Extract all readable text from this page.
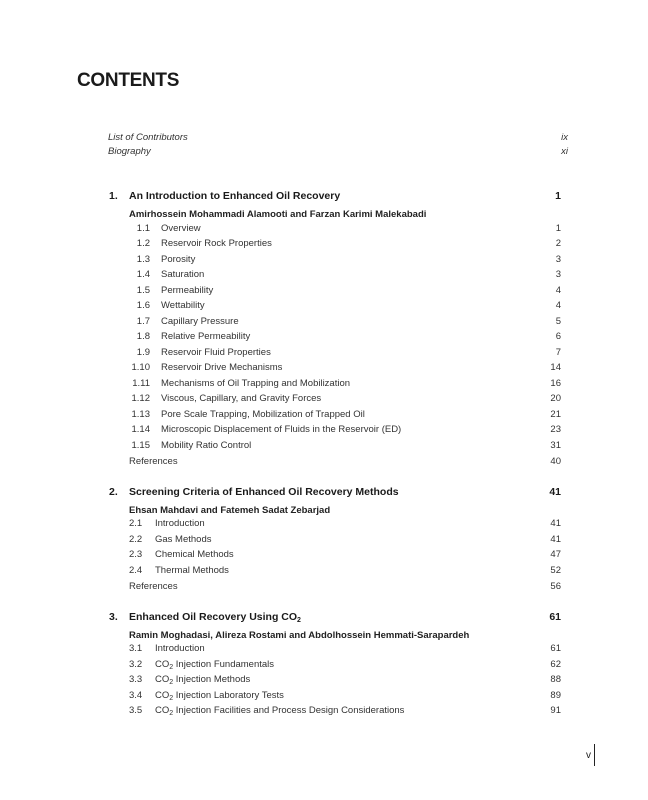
CONTENTS
List of Contributors	ix
Biography	xi
1. An Introduction to Enhanced Oil Recovery	1
Amirhossein Mohammadi Alamooti and Farzan Karimi Malekabadi
1.1 Overview	1
1.2 Reservoir Rock Properties	2
1.3 Porosity	3
1.4 Saturation	3
1.5 Permeability	4
1.6 Wettability	4
1.7 Capillary Pressure	5
1.8 Relative Permeability	6
1.9 Reservoir Fluid Properties	7
1.10 Reservoir Drive Mechanisms	14
1.11 Mechanisms of Oil Trapping and Mobilization	16
1.12 Viscous, Capillary, and Gravity Forces	20
1.13 Pore Scale Trapping, Mobilization of Trapped Oil	21
1.14 Microscopic Displacement of Fluids in the Reservoir (ED)	23
1.15 Mobility Ratio Control	31
References	40
2. Screening Criteria of Enhanced Oil Recovery Methods	41
Ehsan Mahdavi and Fatemeh Sadat Zebarjad
2.1 Introduction	41
2.2 Gas Methods	41
2.3 Chemical Methods	47
2.4 Thermal Methods	52
References	56
3. Enhanced Oil Recovery Using $CO_2$	61
Ramin Moghadasi, Alireza Rostami and Abdolhossein Hemmati-Sarapardeh
3.1 Introduction	61
3.2 $CO_2$ Injection Fundamentals	62
3.3 $CO_2$ Injection Methods	88
3.4 $CO_2$ Injection Laboratory Tests	89
3.5 $CO_2$ Injection Facilities and Process Design Considerations	91
v
